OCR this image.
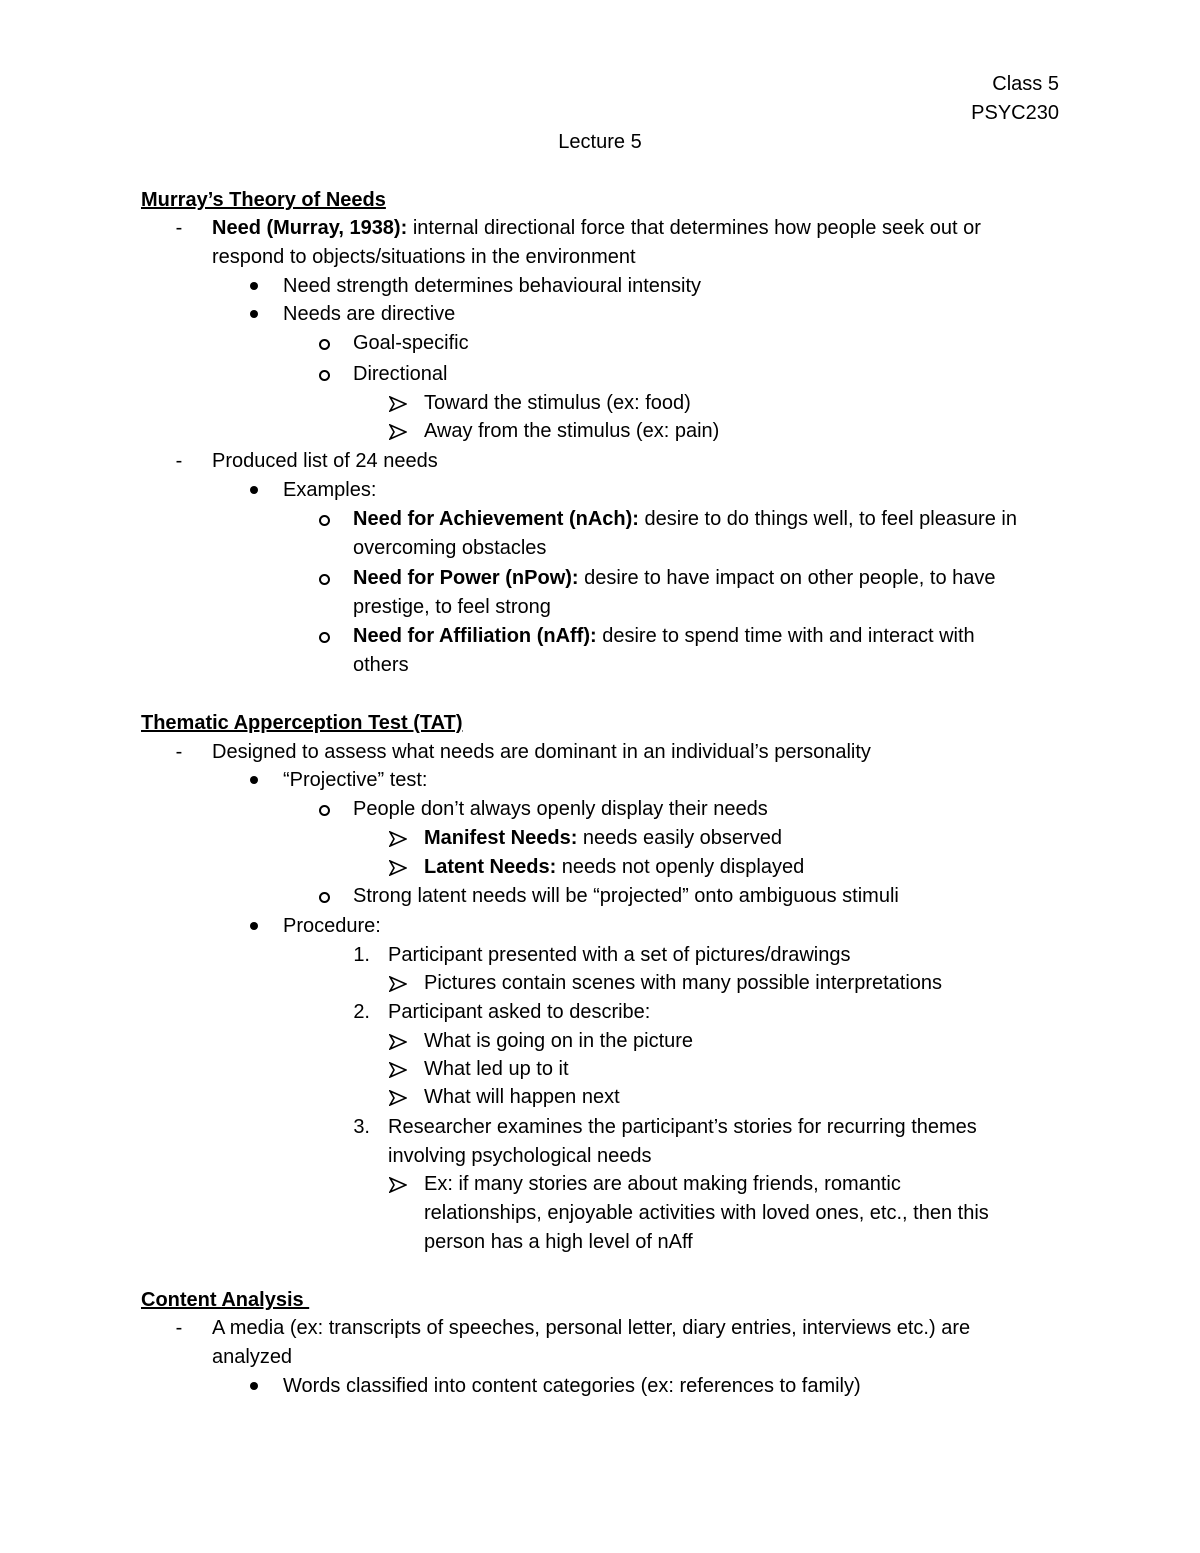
Class 5
PSYC230
Lecture 5
Murray’s Theory of Needs
-	Need (Murray, 1938): internal directional force that determines how people seek out or
respond to objects/situations in the environment
Need strength determines behavioural intensity
Needs are directive
Goal-specific
Directional
Toward the stimulus (ex: food)
Away from the stimulus (ex: pain)
-	Produced list of 24 needs
Examples:
Need for Achievement (nAch): desire to do things well, to feel pleasure in
overcoming obstacles
Need for Power (nPow): desire to have impact on other people, to have
prestige, to feel strong
Need for Affiliation (nAff): desire to spend time with and interact with
others
Thematic Apperception Test (TAT)
-	Designed to assess what needs are dominant in an individual’s personality
“Projective” test:
People don’t always openly display their needs
Manifest Needs: needs easily observed
Latent Needs: needs not openly displayed
Strong latent needs will be “projected” onto ambiguous stimuli
Procedure:
1. Participant presented with a set of pictures/drawings
Pictures contain scenes with many possible interpretations
2. Participant asked to describe:
What is going on in the picture
What led up to it
What will happen next
3. Researcher examines the participant’s stories for recurring themes
involving psychological needs
Ex: if many stories are about making friends, romantic
relationships, enjoyable activities with loved ones, etc., then this
person has a high level of nAff
Content Analysis
-	A media (ex: transcripts of speeches, personal letter, diary entries, interviews etc.) are
analyzed
Words classified into content categories (ex: references to family)
